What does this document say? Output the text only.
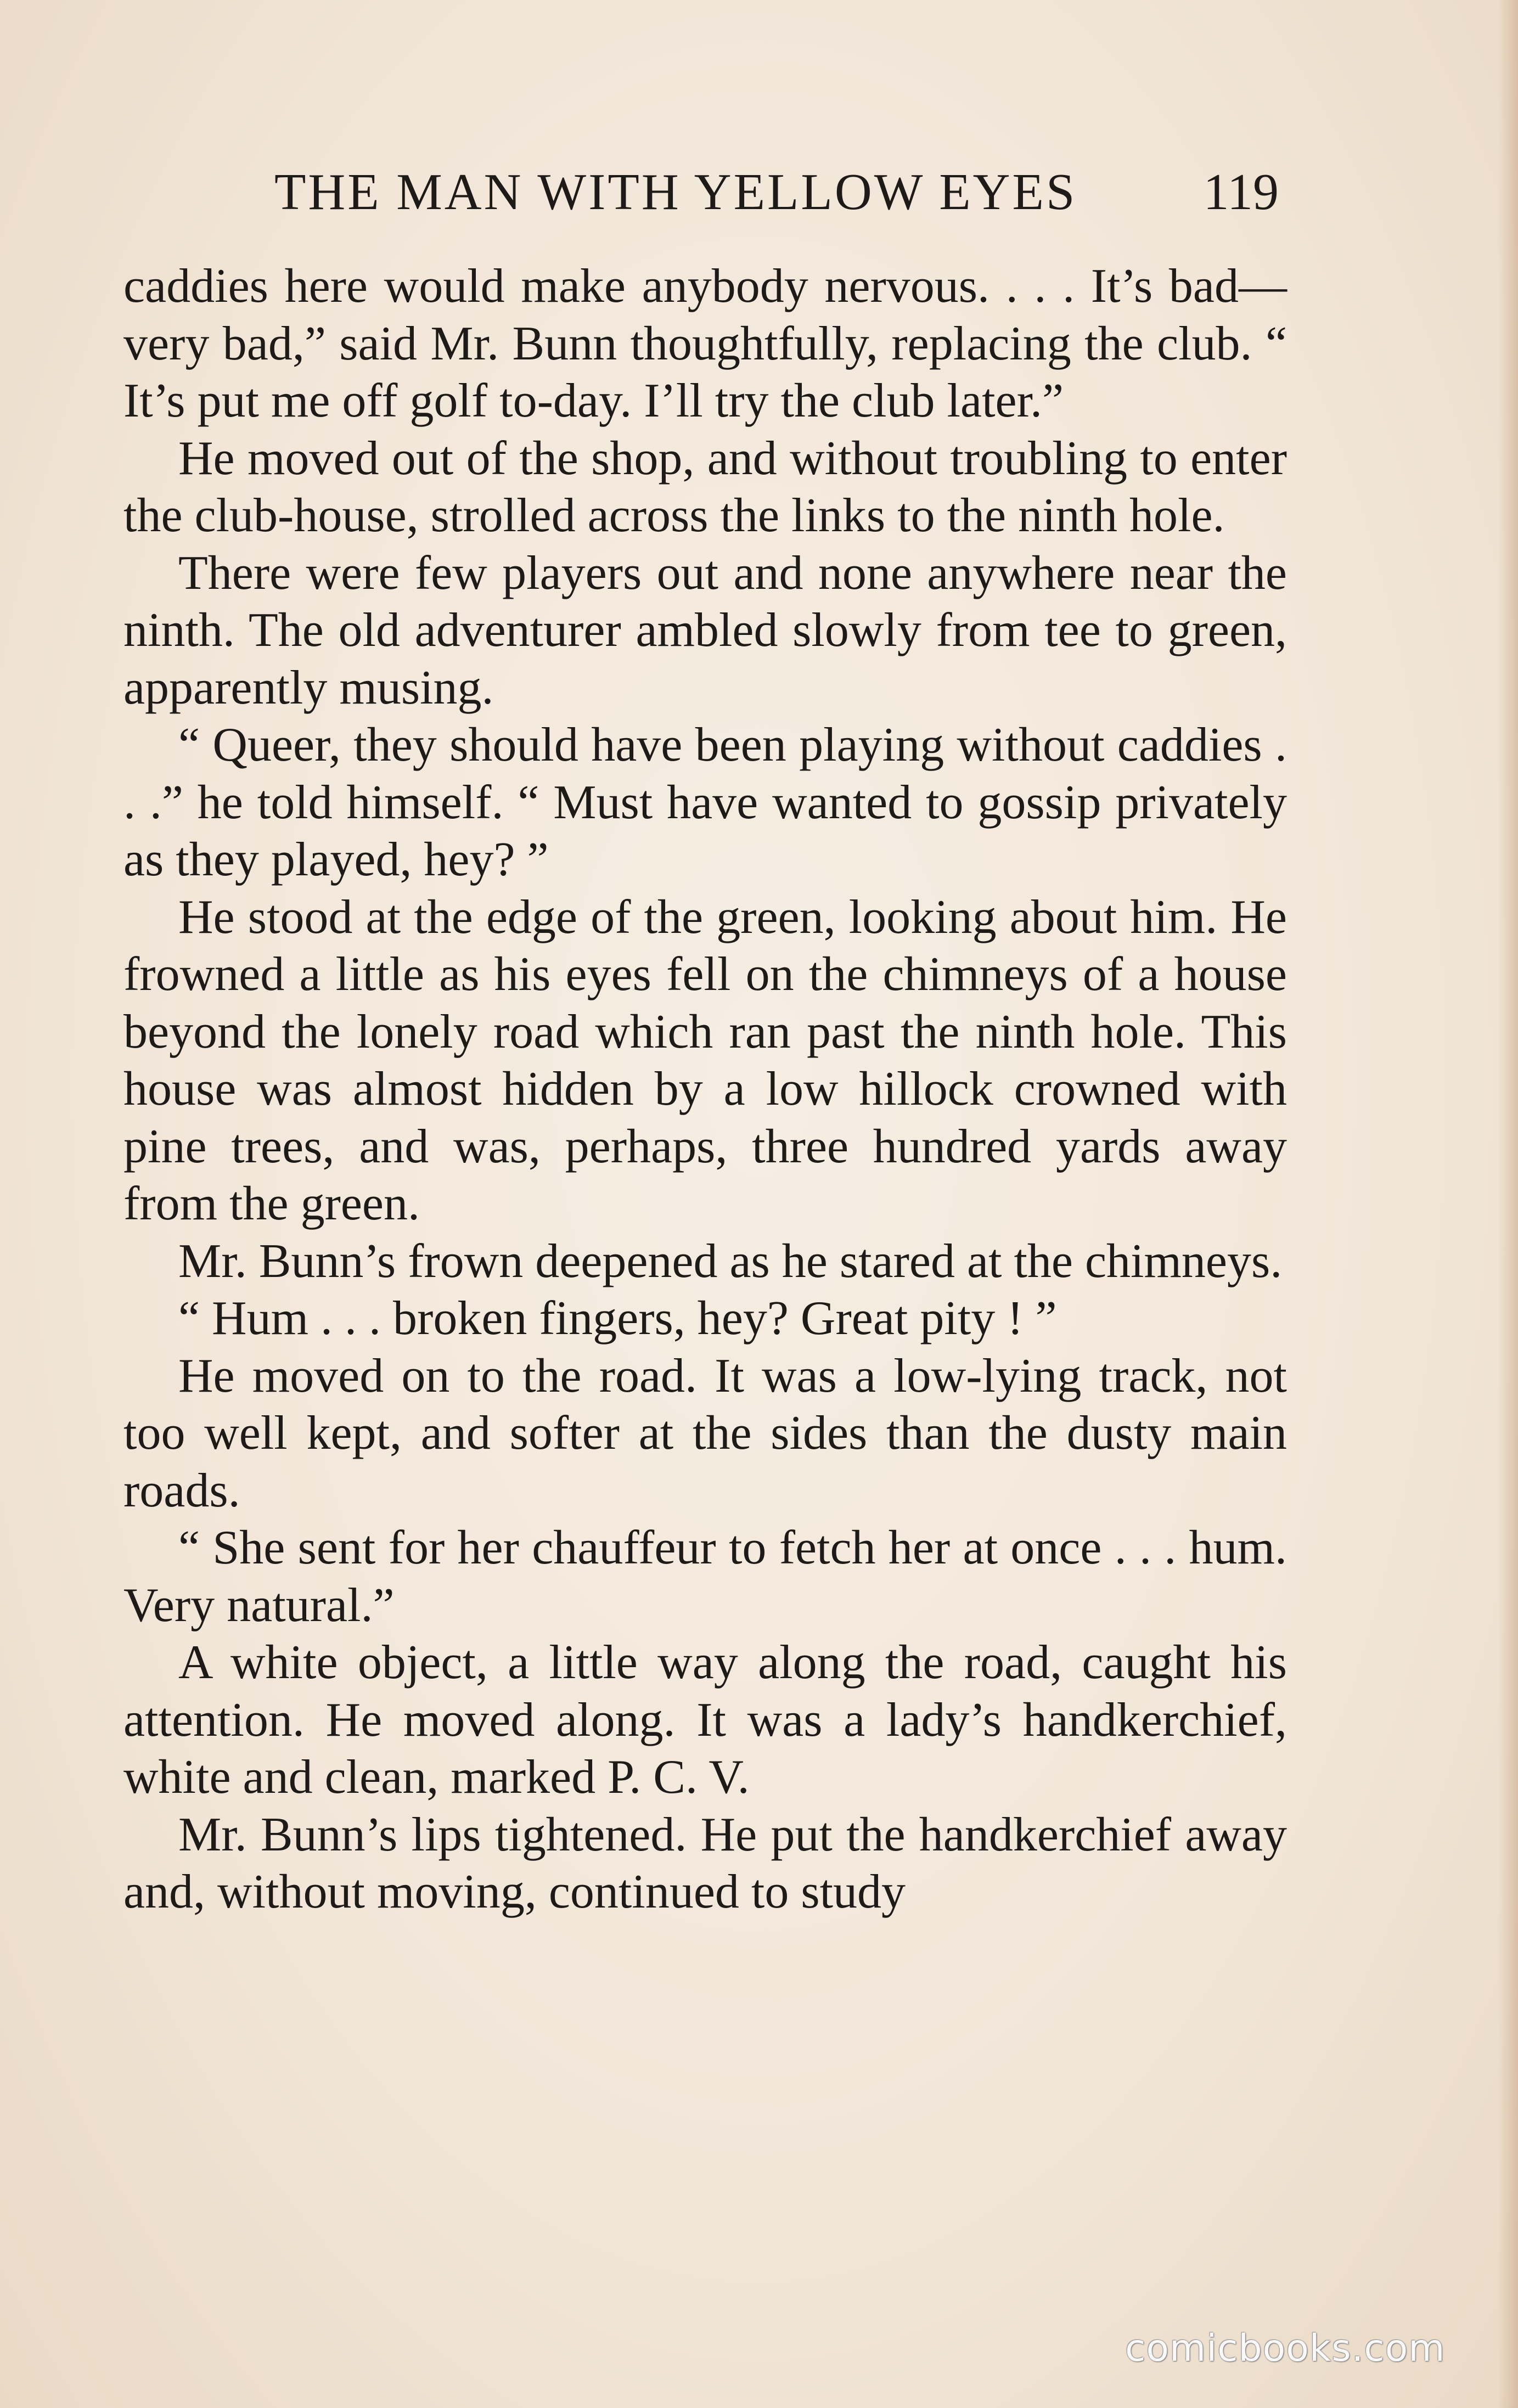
THE MAN WITH YELLOW EYES	119

caddies here would make anybody nervous. . . . It’s bad—very bad,” said Mr. Bunn thoughtfully, replacing the club. “ It’s put me off golf to-day. I’ll try the club later.”

He moved out of the shop, and without troubling to enter the club-house, strolled across the links to the ninth hole.

There were few players out and none anywhere near the ninth. The old adventurer ambled slowly from tee to green, apparently musing.

“ Queer, they should have been playing without caddies . . .” he told himself. “ Must have wanted to gossip privately as they played, hey? ”

He stood at the edge of the green, looking about him. He frowned a little as his eyes fell on the chimneys of a house beyond the lonely road which ran past the ninth hole. This house was almost hidden by a low hillock crowned with pine trees, and was, perhaps, three hundred yards away from the green.

Mr. Bunn’s frown deepened as he stared at the chimneys.

“ Hum . . . broken fingers, hey? Great pity ! ”

He moved on to the road. It was a low-lying track, not too well kept, and softer at the sides than the dusty main roads.

“ She sent for her chauffeur to fetch her at once . . . hum. Very natural.”

A white object, a little way along the road, caught his attention. He moved along. It was a lady’s handkerchief, white and clean, marked P. C. V.

Mr. Bunn’s lips tightened. He put the handkerchief away and, without moving, continued to study

comicbooks.com
